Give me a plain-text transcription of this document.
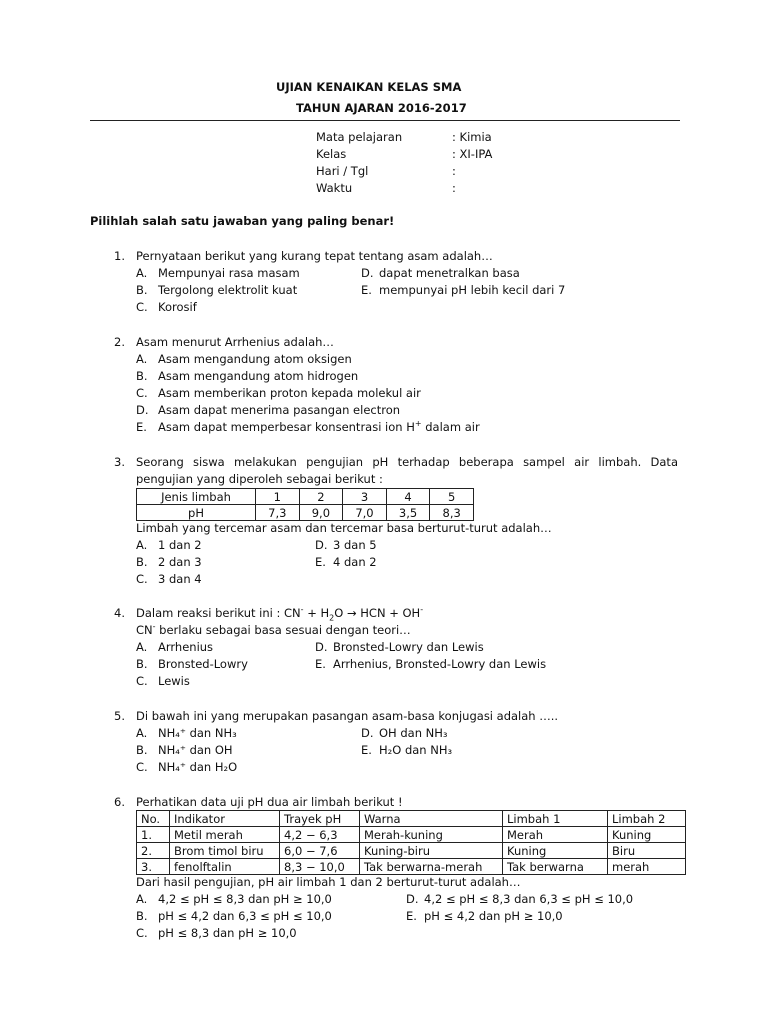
UJIAN KENAIKAN KELAS SMA
TAHUN AJARAN 2016-2017
Mata pelajaran	: Kimia
Kelas	: XI-IPA
Hari / Tgl	:
Waktu	:
Pilihlah salah satu jawaban yang paling benar!
1. Pernyataan berikut yang kurang tepat tentang asam adalah…
A. Mempunyai rasa masam
B. Tergolong elektrolit kuat
C. Korosif
D. dapat menetralkan basa
E. mempunyai pH lebih kecil dari 7
2. Asam menurut Arrhenius adalah…
A. Asam mengandung atom oksigen
B. Asam mengandung atom hidrogen
C. Asam memberikan proton kepada molekul air
D. Asam dapat menerima pasangan electron
E. Asam dapat memperbesar konsentrasi ion H+ dalam air
3. Seorang siswa melakukan pengujian pH terhadap beberapa sampel air limbah. Data
pengujian yang diperoleh sebagai berikut :
Jenis limbah	1	2	3	4	5
pH	7,3	9,0	7,0	3,5	8,3
Limbah yang tercemar asam dan tercemar basa berturut-turut adalah…
A. 1 dan 2
B. 2 dan 3
C. 3 dan 4
D. 3 dan 5
E. 4 dan 2
4. Dalam reaksi berikut ini : $CN^- + H_2O$ → HCN + OH-
CN- berlaku sebagai basa sesuai dengan teori…
A. Arrhenius
B. Bronsted-Lowry
C. Lewis
D. Bronsted-Lowry dan Lewis
E. Arrhenius, Bronsted-Lowry dan Lewis
5. Di bawah ini yang merupakan pasangan asam-basa konjugasi adalah …..
A. NH₄⁺ dan NH₃
B. NH₄⁺ dan OH
C. NH₄⁺ dan H₂O
D. OH dan NH₃
E. H₂O dan NH₃
6. Perhatikan data uji pH dua air limbah berikut !
No.	Indikator	Trayek pH	Warna	Limbah 1	Limbah 2
1.	Metil merah	4,2 − 6,3	Merah-kuning	Merah	Kuning
2.	Brom timol biru	6,0 − 7,6	Kuning-biru	Kuning	Biru
3.	fenolftalin	8,3 − 10,0	Tak berwarna-merah	Tak berwarna	merah
Dari hasil pengujian, pH air limbah 1 dan 2 berturut-turut adalah…
A. 4,2 ≤ pH ≤ 8,3 dan pH ≥ 10,0
B. pH ≤ 4,2 dan 6,3 ≤ pH ≤ 10,0
C. pH ≤ 8,3 dan pH ≥ 10,0
D. 4,2 ≤ pH ≤ 8,3 dan 6,3 ≤ pH ≤ 10,0
E. pH ≤ 4,2 dan pH ≥ 10,0
